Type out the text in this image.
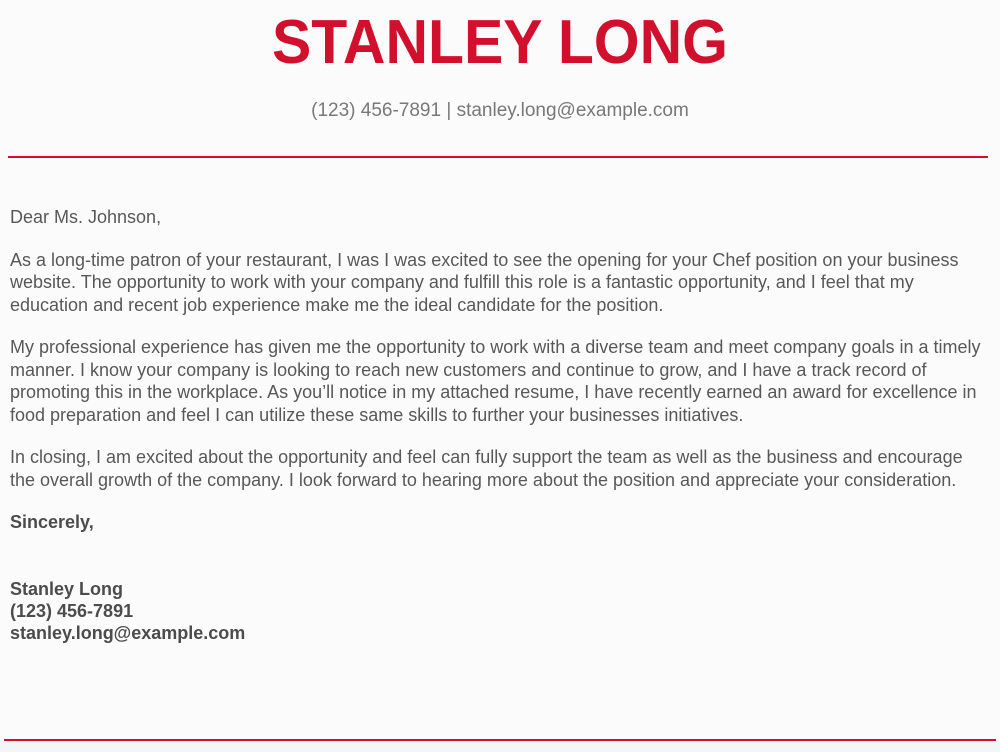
STANLEY LONG
(123) 456-7891 | stanley.long@example.com

Dear Ms. Johnson,

As a long-time patron of your restaurant, I was I was excited to see the opening for your Chef position on your business website. The opportunity to work with your company and fulfill this role is a fantastic opportunity, and I feel that my education and recent job experience make me the ideal candidate for the position.

My professional experience has given me the opportunity to work with a diverse team and meet company goals in a timely manner. I know your company is looking to reach new customers and continue to grow, and I have a track record of promoting this in the workplace. As you’ll notice in my attached resume, I have recently earned an award for excellence in food preparation and feel I can utilize these same skills to further your businesses initiatives.

In closing, I am excited about the opportunity and feel can fully support the team as well as the business and encourage the overall growth of the company. I look forward to hearing more about the position and appreciate your consideration.

Sincerely,

Stanley Long
(123) 456-7891
stanley.long@example.com
